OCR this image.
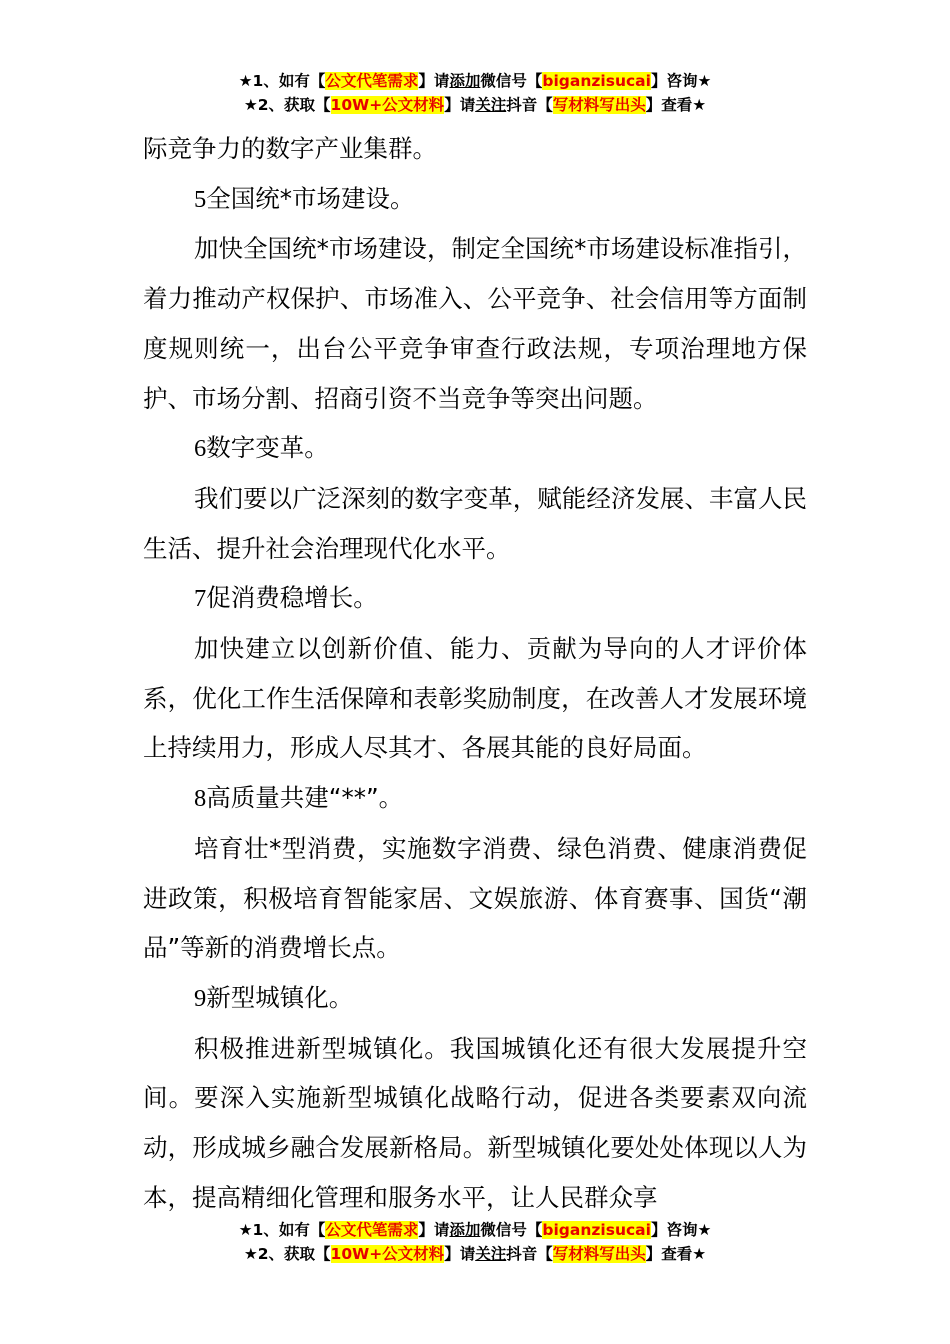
★1、如有【公文代笔需求】请添加微信号【biganzisucai】咨询★
★2、获取【10W+公文材料】请关注抖音【写材料写出头】查看★

际竞争力的数字产业集群。

5全国统*市场建设。

加快全国统*市场建设，制定全国统*市场建设标准指引，着力推动产权保护、市场准入、公平竞争、社会信用等方面制度规则统一，出台公平竞争审查行政法规，专项治理地方保护、市场分割、招商引资不当竞争等突出问题。

6数字变革。

我们要以广泛深刻的数字变革，赋能经济发展、丰富人民生活、提升社会治理现代化水平。

7促消费稳增长。

加快建立以创新价值、能力、贡献为导向的人才评价体系，优化工作生活保障和表彰奖励制度，在改善人才发展环境上持续用力，形成人尽其才、各展其能的良好局面。

8高质量共建“**”。

培育壮*型消费，实施数字消费、绿色消费、健康消费促进政策，积极培育智能家居、文娱旅游、体育赛事、国货“潮品”等新的消费增长点。

9新型城镇化。

积极推进新型城镇化。我国城镇化还有很大发展提升空间。要深入实施新型城镇化战略行动，促进各类要素双向流动，形成城乡融合发展新格局。新型城镇化要处处体现以人为本，提高精细化管理和服务水平，让人民群众享

★1、如有【公文代笔需求】请添加微信号【biganzisucai】咨询★
★2、获取【10W+公文材料】请关注抖音【写材料写出头】查看★
